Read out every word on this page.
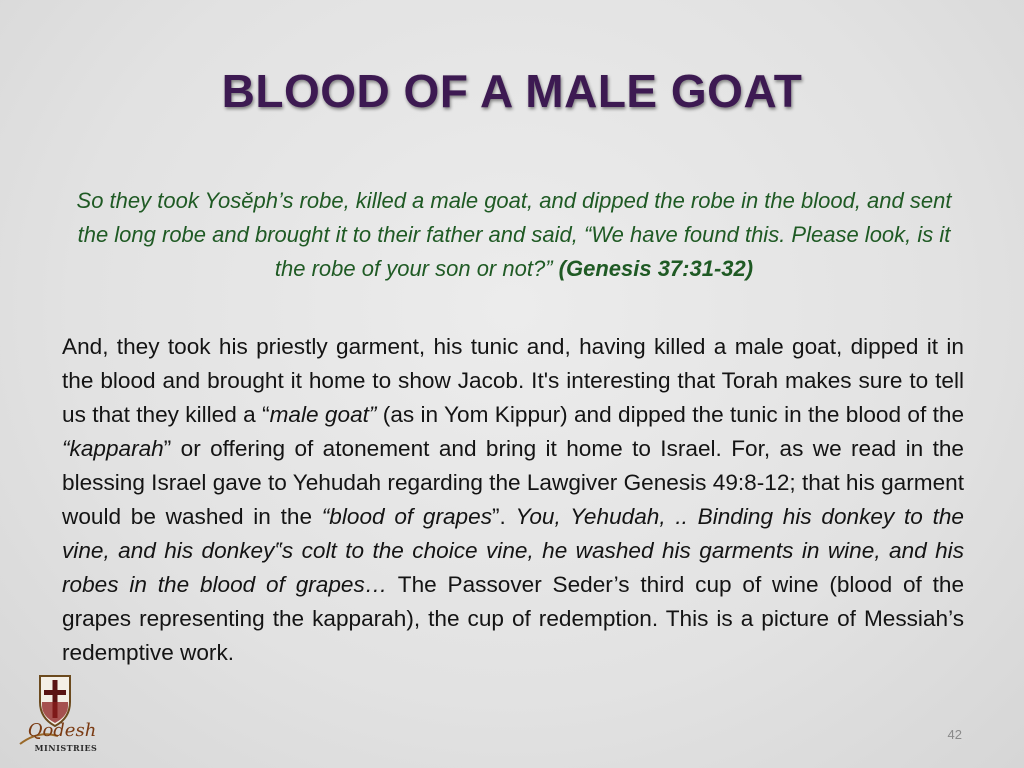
BLOOD OF A MALE GOAT

So they took Yosěph’s robe, killed a male goat, and dipped the robe in the blood, and sent the long robe and brought it to their father and said, “We have found this. Please look, is it the robe of your son or not?” (Genesis 37:31-32)

And, they took his priestly garment, his tunic and, having killed a male goat, dipped it in the blood and brought it home to show Jacob. It's interesting that Torah makes sure to tell us that they killed a “male goat” (as in Yom Kippur) and dipped the tunic in the blood of the “kapparah” or offering of atonement and bring it home to Israel. For, as we read in the blessing Israel gave to Yehudah regarding the Lawgiver Genesis 49:8-12; that his garment would be washed in the “blood of grapes”. You, Yehudah, .. Binding his donkey to the vine, and his donkey‟s colt to the choice vine, he washed his garments in wine, and his robes in the blood of grapes… The Passover Seder’s third cup of wine (blood of the grapes representing the kapparah), the cup of redemption. This is a picture of Messiah’s redemptive work.

Qodesh
MINISTRIES
42
